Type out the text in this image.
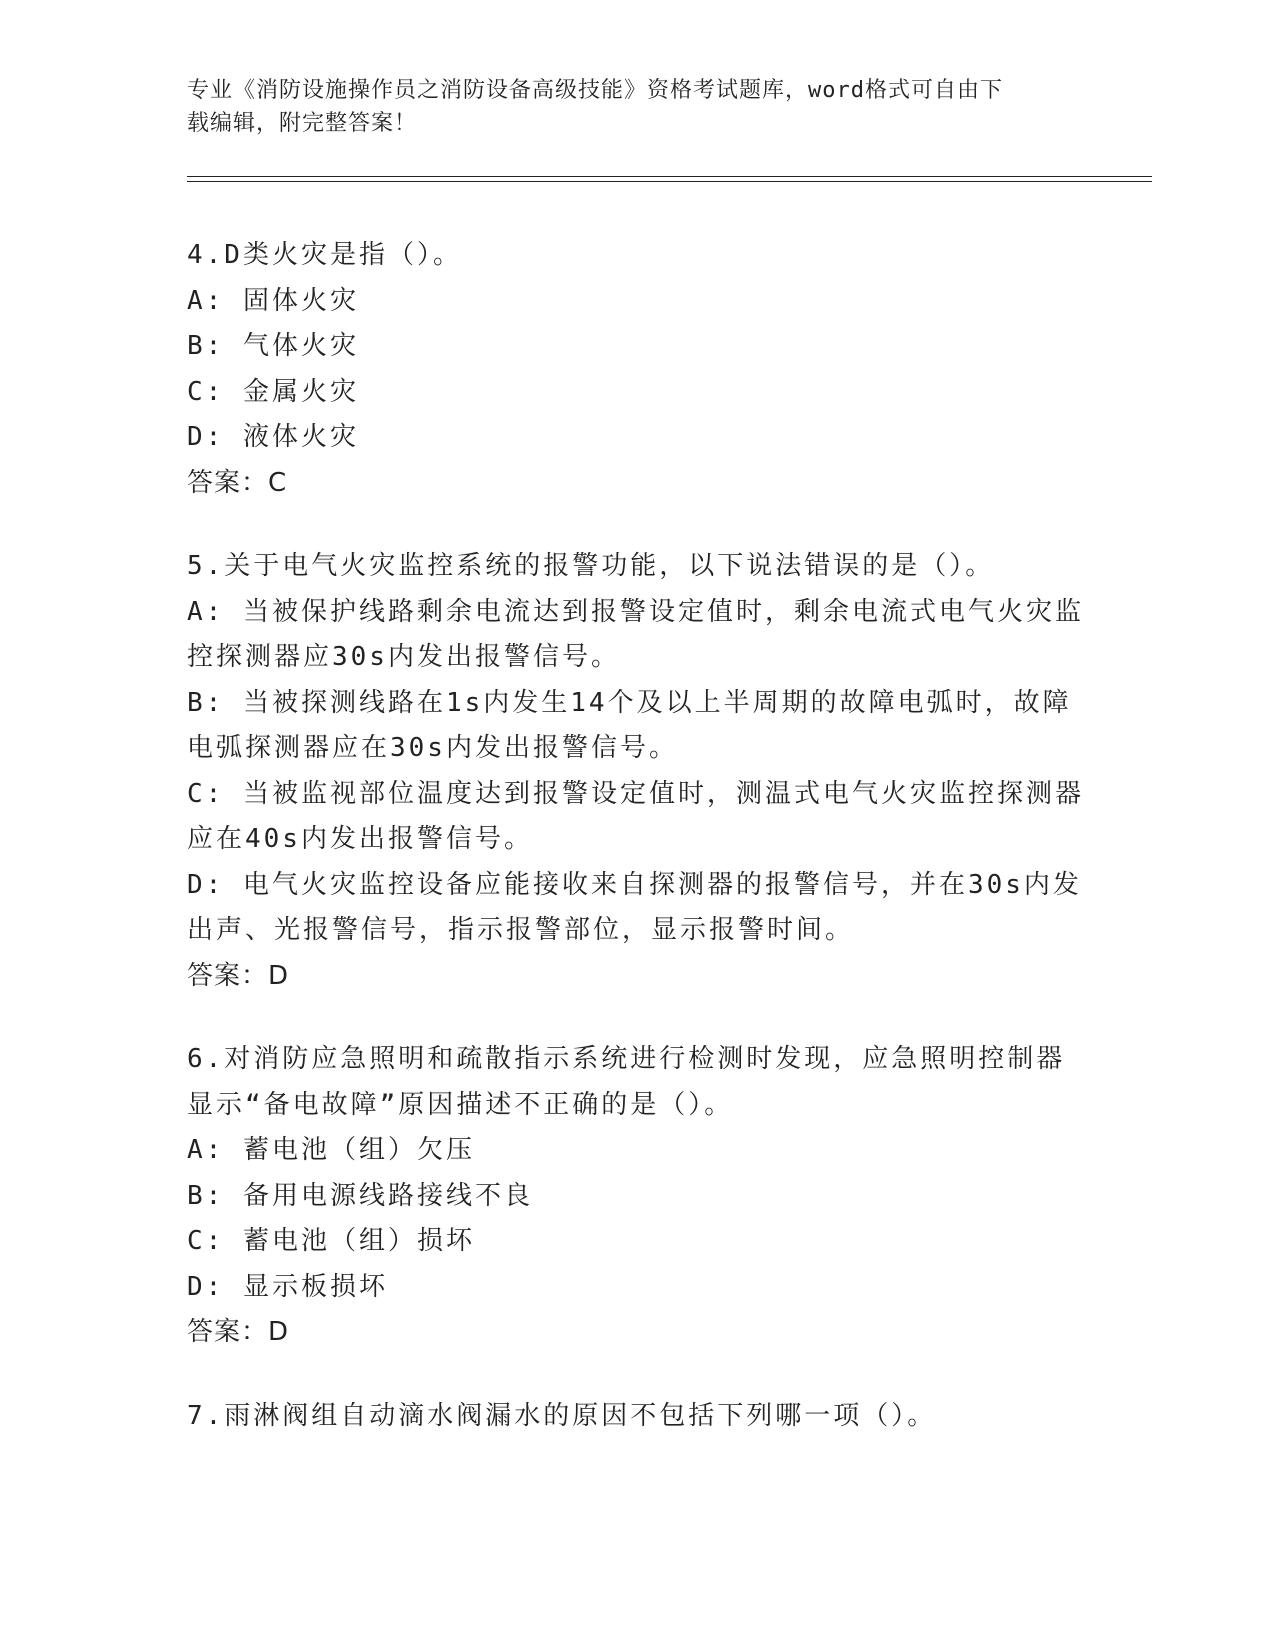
专业《消防设施操作员之消防设备高级技能》资格考试题库，word格式可自由下
载编辑，附完整答案！
4.D类火灾是指（）。
A: 固体火灾
B: 气体火灾
C: 金属火灾
D: 液体火灾
答案：C
5.关于电气火灾监控系统的报警功能，以下说法错误的是（）。
A: 当被保护线路剩余电流达到报警设定值时，剩余电流式电气火灾监
控探测器应30s内发出报警信号。
B: 当被探测线路在1s内发生14个及以上半周期的故障电弧时，故障
电弧探测器应在30s内发出报警信号。
C: 当被监视部位温度达到报警设定值时，测温式电气火灾监控探测器
应在40s内发出报警信号。
D: 电气火灾监控设备应能接收来自探测器的报警信号，并在30s内发
出声、光报警信号，指示报警部位，显示报警时间。
答案：D
6.对消防应急照明和疏散指示系统进行检测时发现，应急照明控制器
显示“备电故障”原因描述不正确的是（）。
A: 蓄电池（组）欠压
B: 备用电源线路接线不良
C: 蓄电池（组）损坏
D: 显示板损坏
答案：D
7.雨淋阀组自动滴水阀漏水的原因不包括下列哪一项（）。
